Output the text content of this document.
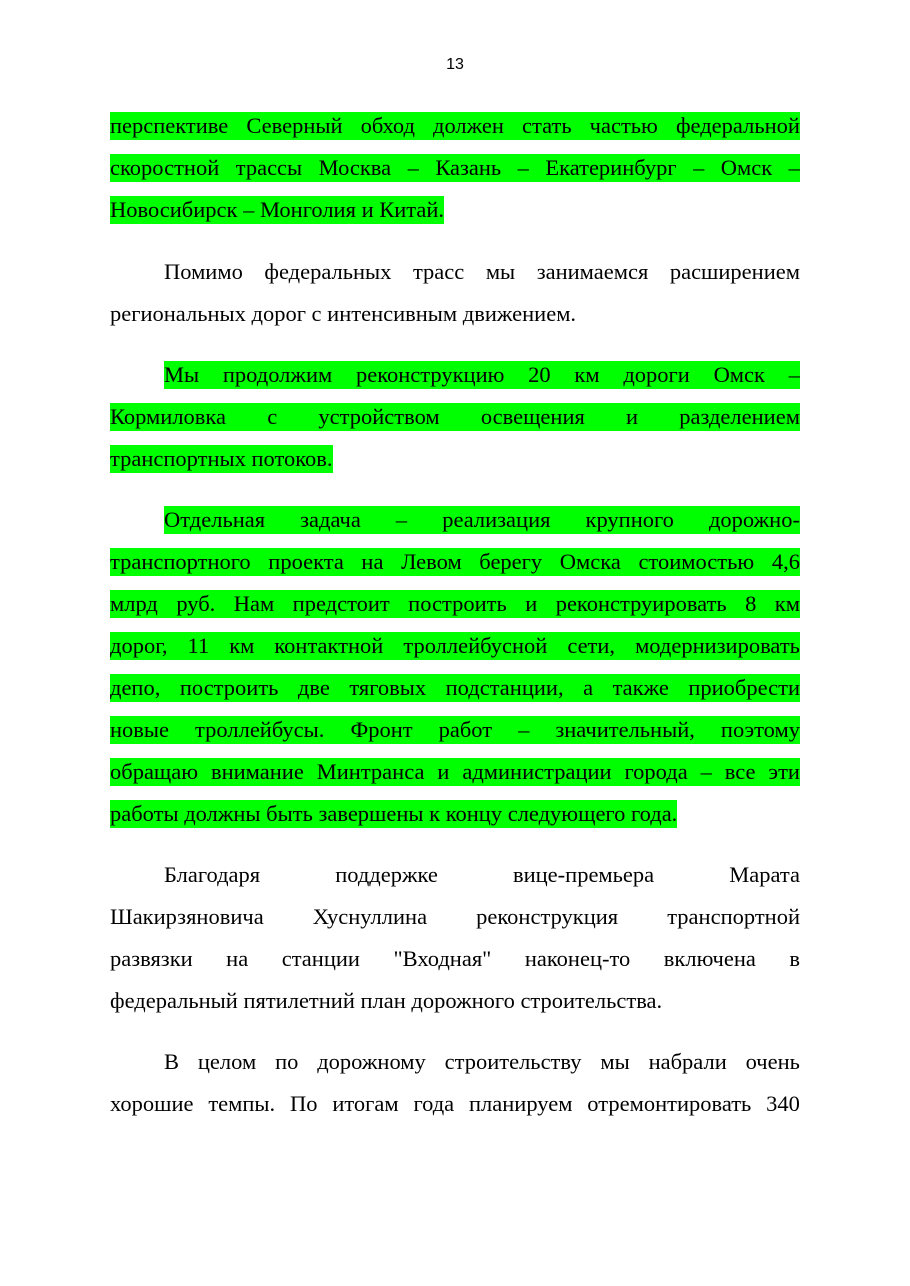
13
перспективе Северный обход должен стать частью федеральной
скоростной трассы Москва – Казань – Екатеринбург – Омск –
Новосибирск – Монголия и Китай.
Помимо федеральных трасс мы занимаемся расширением
региональных дорог с интенсивным движением.
Мы продолжим реконструкцию 20 км дороги Омск –
Кормиловка с устройством освещения и разделением
транспортных потоков.
Отдельная задача – реализация крупного дорожно-
транспортного проекта на Левом берегу Омска стоимостью 4,6
млрд руб. Нам предстоит построить и реконструировать 8 км
дорог, 11 км контактной троллейбусной сети, модернизировать
депо, построить две тяговых подстанции, а также приобрести
новые троллейбусы. Фронт работ – значительный, поэтому
обращаю внимание Минтранса и администрации города – все эти
работы должны быть завершены к концу следующего года.
Благодаря	поддержке	вице-премьера	Марата
Шакирзяновича Хуснуллина реконструкция транспортной
развязки на станции "Входная" наконец-то включена в
федеральный пятилетний план дорожного строительства.
В целом по дорожному строительству мы набрали очень
хорошие темпы. По итогам года планируем отремонтировать 340
